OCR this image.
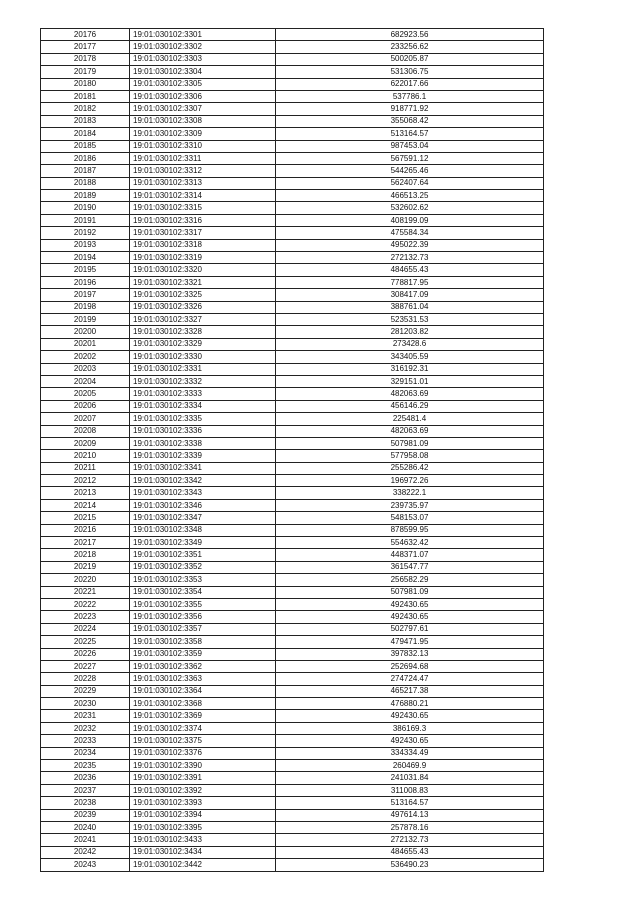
20176	19:01:030102:3301	682923.56
20177	19:01:030102:3302	233256.62
20178	19:01:030102:3303	500205.87
20179	19:01:030102:3304	531306.75
20180	19:01:030102:3305	622017.66
20181	19:01:030102:3306	537786.1
20182	19:01:030102:3307	918771.92
20183	19:01:030102:3308	355068.42
20184	19:01:030102:3309	513164.57
20185	19:01:030102:3310	987453.04
20186	19:01:030102:3311	567591.12
20187	19:01:030102:3312	544265.46
20188	19:01:030102:3313	562407.64
20189	19:01:030102:3314	466513.25
20190	19:01:030102:3315	532602.62
20191	19:01:030102:3316	408199.09
20192	19:01:030102:3317	475584.34
20193	19:01:030102:3318	495022.39
20194	19:01:030102:3319	272132.73
20195	19:01:030102:3320	484655.43
20196	19:01:030102:3321	778817.95
20197	19:01:030102:3325	308417.09
20198	19:01:030102:3326	388761.04
20199	19:01:030102:3327	523531.53
20200	19:01:030102:3328	281203.82
20201	19:01:030102:3329	273428.6
20202	19:01:030102:3330	343405.59
20203	19:01:030102:3331	316192.31
20204	19:01:030102:3332	329151.01
20205	19:01:030102:3333	482063.69
20206	19:01:030102:3334	456146.29
20207	19:01:030102:3335	225481.4
20208	19:01:030102:3336	482063.69
20209	19:01:030102:3338	507981.09
20210	19:01:030102:3339	577958.08
20211	19:01:030102:3341	255286.42
20212	19:01:030102:3342	196972.26
20213	19:01:030102:3343	338222.1
20214	19:01:030102:3346	239735.97
20215	19:01:030102:3347	548153.07
20216	19:01:030102:3348	878599.95
20217	19:01:030102:3349	554632.42
20218	19:01:030102:3351	448371.07
20219	19:01:030102:3352	361547.77
20220	19:01:030102:3353	256582.29
20221	19:01:030102:3354	507981.09
20222	19:01:030102:3355	492430.65
20223	19:01:030102:3356	492430.65
20224	19:01:030102:3357	502797.61
20225	19:01:030102:3358	479471.95
20226	19:01:030102:3359	397832.13
20227	19:01:030102:3362	252694.68
20228	19:01:030102:3363	274724.47
20229	19:01:030102:3364	465217.38
20230	19:01:030102:3368	476880.21
20231	19:01:030102:3369	492430.65
20232	19:01:030102:3374	386169.3
20233	19:01:030102:3375	492430.65
20234	19:01:030102:3376	334334.49
20235	19:01:030102:3390	260469.9
20236	19:01:030102:3391	241031.84
20237	19:01:030102:3392	311008.83
20238	19:01:030102:3393	513164.57
20239	19:01:030102:3394	497614.13
20240	19:01:030102:3395	257878.16
20241	19:01:030102:3433	272132.73
20242	19:01:030102:3434	484655.43
20243	19:01:030102:3442	536490.23
